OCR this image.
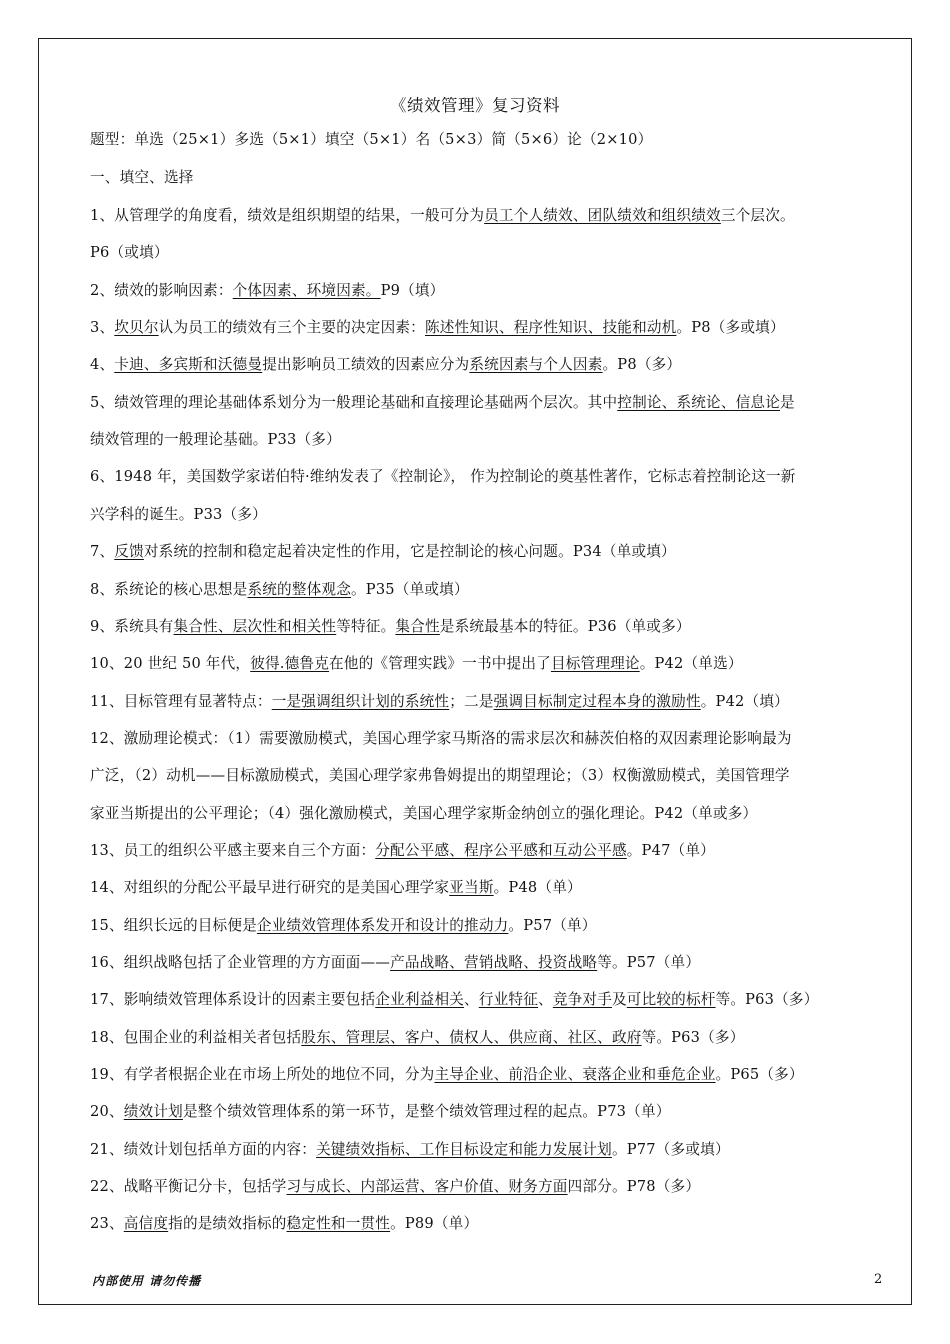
《绩效管理》复习资料
题型：单选（25×1）多选（5×1）填空（5×1）名（5×3）简（5×6）论（2×10）
一、填空、选择
1、从管理学的角度看，绩效是组织期望的结果，一般可分为员工个人绩效、团队绩效和组织绩效三个层次。
P6（或填）
2、绩效的影响因素：个体因素、环境因素。P9（填）
3、坎贝尔认为员工的绩效有三个主要的决定因素：陈述性知识、程序性知识、技能和动机。P8（多或填）
4、卡迪、多宾斯和沃德曼提出影响员工绩效的因素应分为系统因素与个人因素。P8（多）
5、绩效管理的理论基础体系划分为一般理论基础和直接理论基础两个层次。其中控制论、系统论、信息论是
绩效管理的一般理论基础。P33（多）
6、1948 年，美国数学家诺伯特·维纳发表了《控制论》， 作为控制论的奠基性著作，它标志着控制论这一新
兴学科的诞生。P33（多）
7、反馈对系统的控制和稳定起着决定性的作用，它是控制论的核心问题。P34（单或填）
8、系统论的核心思想是系统的整体观念。P35（单或填）
9、系统具有集合性、层次性和相关性等特征。集合性是系统最基本的特征。P36（单或多）
10、20 世纪 50 年代，彼得.德鲁克在他的《管理实践》一书中提出了目标管理理论。P42（单选）
11、目标管理有显著特点：一是强调组织计划的系统性；二是强调目标制定过程本身的激励性。P42（填）
12、激励理论模式：（1）需要激励模式，美国心理学家马斯洛的需求层次和赫茨伯格的双因素理论影响最为
广泛，（2）动机——目标激励模式，美国心理学家弗鲁姆提出的期望理论；（3）权衡激励模式，美国管理学
家亚当斯提出的公平理论；（4）强化激励模式，美国心理学家斯金纳创立的强化理论。P42（单或多）
13、员工的组织公平感主要来自三个方面：分配公平感、程序公平感和互动公平感。P47（单）
14、对组织的分配公平最早进行研究的是美国心理学家亚当斯。P48（单）
15、组织长远的目标便是企业绩效管理体系发开和设计的推动力。P57（单）
16、组织战略包括了企业管理的方方面面——产品战略、营销战略、投资战略等。P57（单）
17、影响绩效管理体系设计的因素主要包括企业利益相关、行业特征、竞争对手及可比较的标杆等。P63（多）
18、包围企业的利益相关者包括股东、管理层、客户、债权人、供应商、社区、政府等。P63（多）
19、有学者根据企业在市场上所处的地位不同，分为主导企业、前沿企业、衰落企业和垂危企业。P65（多）
20、绩效计划是整个绩效管理体系的第一环节，是整个绩效管理过程的起点。P73（单）
21、绩效计划包括单方面的内容：关键绩效指标、工作目标设定和能力发展计划。P77（多或填）
22、战略平衡记分卡，包括学习与成长、内部运营、客户价值、财务方面四部分。P78（多）
23、高信度指的是绩效指标的稳定性和一贯性。P89（单）
内部使用 请勿传播	2
